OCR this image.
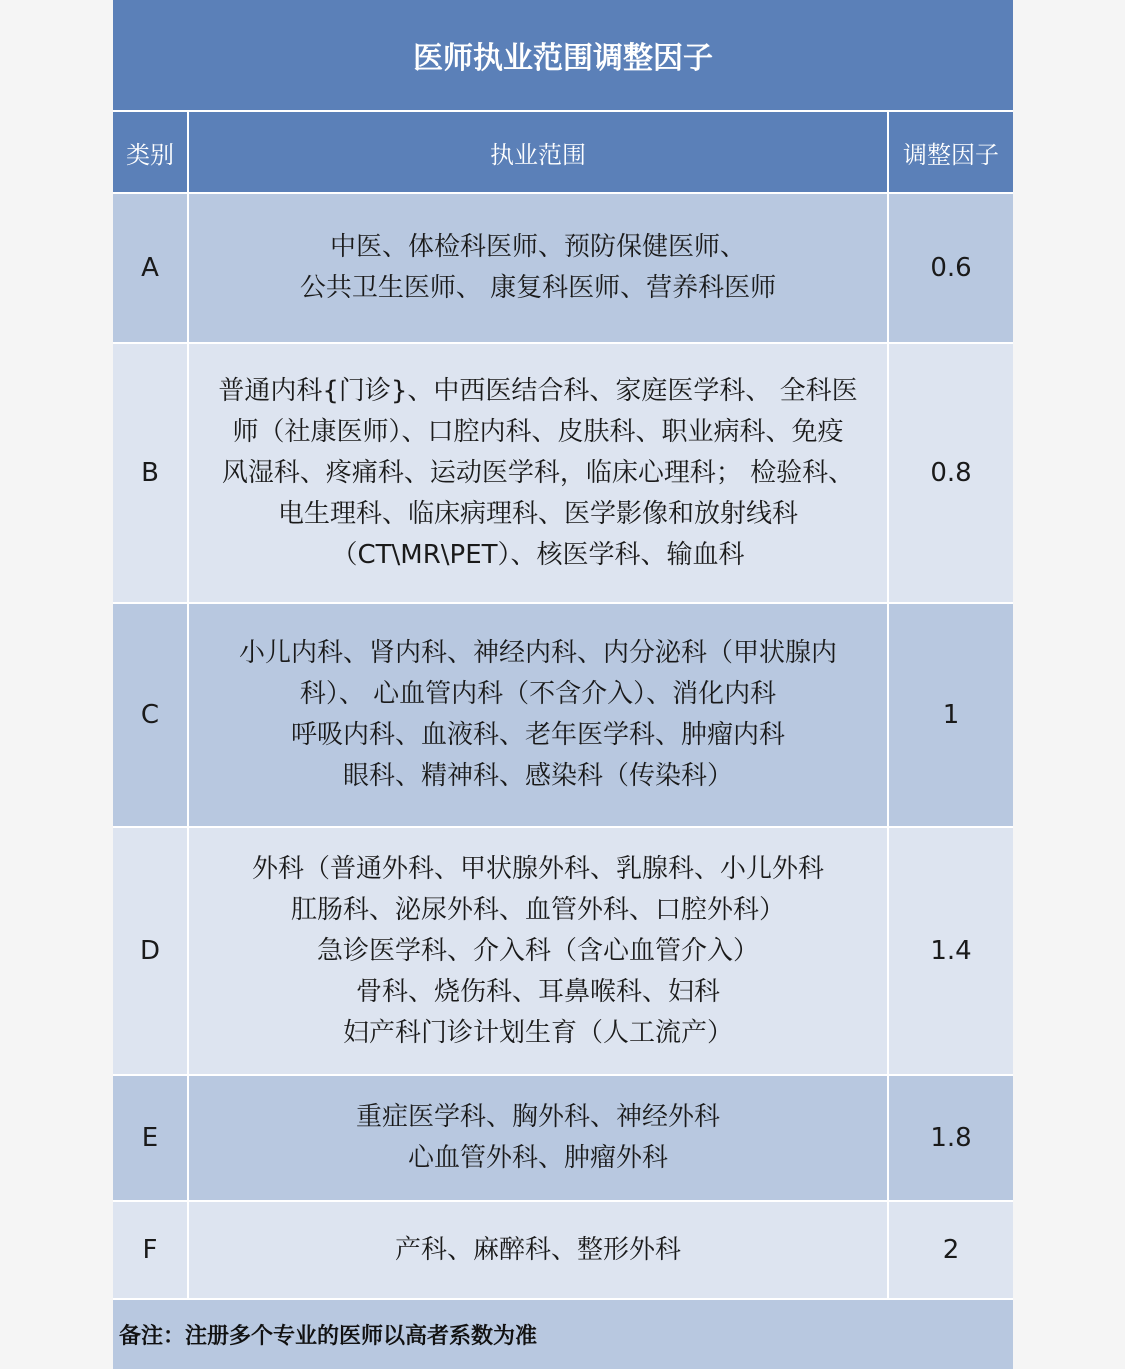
医师执业范围调整因子
类别	执业范围	调整因子
A	中医、体检科医师、预防保健医师、
公共卫生医师、 康复科医师、营养科医师	0.6
B	普通内科{门诊}、中西医结合科、家庭医学科、 全科医
师（社康医师）、口腔内科、皮肤科、职业病科、免疫
风湿科、疼痛科、运动医学科，临床心理科； 检验科、
电生理科、临床病理科、医学影像和放射线科
（CT\MR\PET）、核医学科、输血科	0.8
C	小儿内科、肾内科、神经内科、内分泌科（甲状腺内
科）、 心血管内科（不含介入）、消化内科
呼吸内科、血液科、老年医学科、肿瘤内科
眼科、精神科、感染科（传染科）	1
D	外科（普通外科、甲状腺外科、乳腺科、小儿外科
肛肠科、泌尿外科、血管外科、口腔外科）
急诊医学科、介入科（含心血管介入）
骨科、烧伤科、耳鼻喉科、妇科
妇产科门诊计划生育（人工流产）	1.4
E	重症医学科、胸外科、神经外科
心血管外科、肿瘤外科	1.8
F	产科、麻醉科、整形外科	2
备注：注册多个专业的医师以高者系数为准
